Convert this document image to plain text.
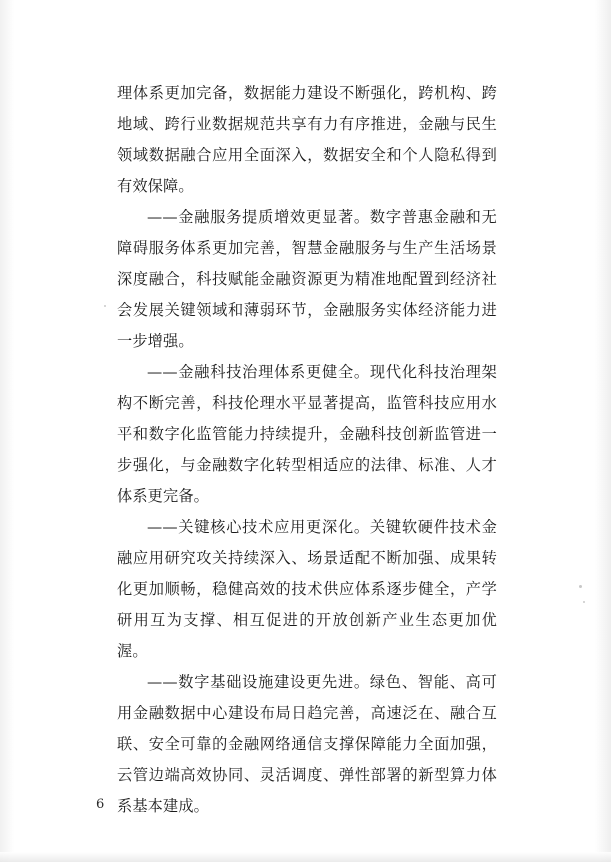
理体系更加完备，数据能力建设不断强化，跨机构、跨地域、跨行业数据规范共享有力有序推进，金融与民生领域数据融合应用全面深入，数据安全和个人隐私得到有效保障。

——金融服务提质增效更显著。数字普惠金融和无障碍服务体系更加完善，智慧金融服务与生产生活场景深度融合，科技赋能金融资源更为精准地配置到经济社会发展关键领域和薄弱环节，金融服务实体经济能力进一步增强。

——金融科技治理体系更健全。现代化科技治理架构不断完善，科技伦理水平显著提高，监管科技应用水平和数字化监管能力持续提升，金融科技创新监管进一步强化，与金融数字化转型相适应的法律、标准、人才体系更完备。

——关键核心技术应用更深化。关键软硬件技术金融应用研究攻关持续深入、场景适配不断加强、成果转化更加顺畅，稳健高效的技术供应体系逐步健全，产学研用互为支撑、相互促进的开放创新产业生态更加优渥。

——数字基础设施建设更先进。绿色、智能、高可用金融数据中心建设布局日趋完善，高速泛在、融合互联、安全可靠的金融网络通信支撑保障能力全面加强，云管边端高效协同、灵活调度、弹性部署的新型算力体系基本建成。

6
